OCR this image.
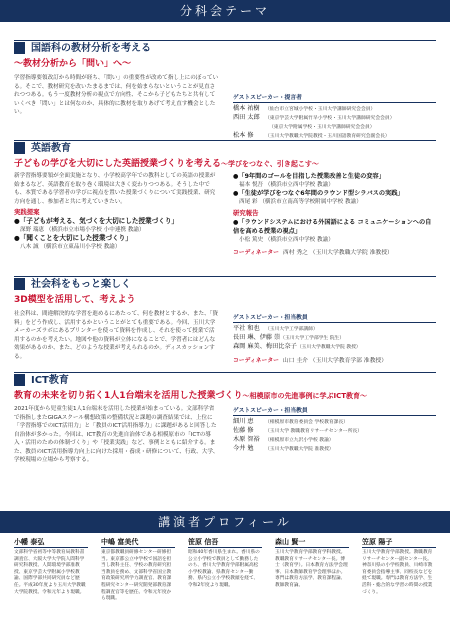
分科会テーマ
国語科の教材分析を考える
～教材分析から「問い」へ～
学習指導要領改訂から時間が経ち、「問い」の重要性が改めて指し上にのぼっている。そこで、教材研究を改いたまるまでは、何を始まらないということが見直されつつある。もう一度教材分析の視点で方向性、そこから子どもたちと共有していくべき「問い」とは何なのか、具体的に教材を取りあげて考え直す機会としたい。
ゲストスピーカー・提言者
橋本 祐樹 （仙台市立宮城小学校・玉川大学講師研究会会員）
西田 太郎 （東京学芸大学附属竹早小学校・玉川大学講師研究会会員）
（東京大学附属学校・玉川大学講師研究会会員）
松本 修 （玉川大学教職大学院教授・玉川国語教育研究会副会長）
英語教育
子どもの学びを大切にした英語授業づくりを考える～学びをつなぐ、引き起こす～
新学習指導要領が全面実施となり、小学校高学年での教科としての英語の授業が始まるなど、英語教育を取り巻く環境は大きく変わりつつある。そうした中でも、本質である学習者の学びに視点を置いた授業づくりについて実践授業、研究方向を通し、参加者と共に考えていきたい。
実践提案
●「子どもが考える、気づくを大切にした授業づくり」
深野 瑞恵 （横浜市立市場小学校 小中連携 教諭）
●「聞くことを大切にした授業づくり」
八木 誠 （横浜市立東品川小学校 教諭）
●「9年間のゴールを目指した授業改善と生徒の変容」
福本 悦吾 （横浜市立西中学校 教諭）
●「生徒が学びをつなぐ6年間のラウンド型シラバスの実践」
西尾 彩 （横浜市立南高等学校附属中学校 教諭）
研究報告
●「ラウンドシステムにおける外国語による コミュニケーションへの自信を高める授業の視点」
小松 篤史 （横浜市立西中学校 教諭）
コーディネーター 西村 秀之 （玉川大学教職大学院 准教授）
社会科をもっと楽しく
3D模型を活用して、考えよう
社会科は、間違解決的な学習を進めるにあたって、何を教材とするか、また、「資料」をどう作成し、活用するかということがとても重要である。今回、玉川大学メーカーズラボにあるプリンターを使って資料を作成し、それを使って授業で活用するのかを考えたい。地図や他の資料が立体になることで、学習者にはどんな効果があるのか、また、どのような授業が考えられるのか。ディスカッションする。
ゲストスピーカー・担当教員
平社 和也 （玉川大学工学部講師）
長田 琳、伊藤 崇（玉川大学工学部学生 院生）
森岡 麻美、梅田比奈子（玉川大学教職大学院 教授）
コーディネーター 山口 圭介 （玉川大学教育学部 准教授）
ICT教育
教育の未来を切り拓く1人1台端末を活用した授業づくり～相模原市の先進事例に学ぶICT教育～
2021年度から児童生徒1人1台端末を活用した授業が始まっている。文部科学省で指指しまたGIGAスクール構想政策の整備状況と課題の調査結果では、上位に「学習指導でのICT活用力」と「教員のICT活用指導力」に課題があると回答した自治体が多かった。今回は、ICT教育の先進自治体である相模原市の「ICTの導入・活用のための体制づくり」や「授業実践」など、事例とともに紹介する。また、教員のICT活用指導力向上に向けた採用・養成・研修について、行政、大学、学校現場の立場から考察する。
ゲストスピーカー・担当教員
細川 恵 （相模原市教育委員会 学校教育課長）
佐藤 修 （玉川大学 教職教育リサーチセンター所長）
木原 智裕 （相模原市立九沢小学校 教諭）
今井 勉 （玉川大学教職大学院 准教授）
講演者プロフィール
小幡 泰弘
文部科学省初等中等教育局教科書調査官、大阪大学大学院人間科学研究科教授、人間環境学部准教授、東京学芸大学附属小学校教諭、国際学部共同研究員など歴任。平成30年度より玉川大学教職大学院教授。令和元年より現職。
中嶋 富美代
東京都教職員研修センター研修担当。東京都公立中学校で国語を担当し教科主任、学校の教育研究担当教員を務め、文部科学省国立教育政策研究所学力調査官、教育課程研究センター研究開発部教育課程調査官等を歴任。令和元年度から現職。
笹原 信吾
昭和40年香川県生まれ。香川県の公立小学校で教員として勤務したのち、香川大学教育学部附属高松小学校教諭、県教育センター勤務、県内公立小学校教頭を経て、令和2年度より現職。
森山 賢一
玉川大学教育学部教育学科教授。教職教育リサーチセンター長。博士（教育学）。日本教育方法学会理事、日本教師教育学会理事ほか。専門は教育方法学、教育課程論、教師教育論。
笠原 陽子
玉川大学教育学部教授。教職教育リサーチセンター副センター長。神奈川県の小学校教員、川崎市教育委員会指導主事、同校長などを経て現職。専門は教育方法学、生活科・総合的な学習の時間の授業づくり。
